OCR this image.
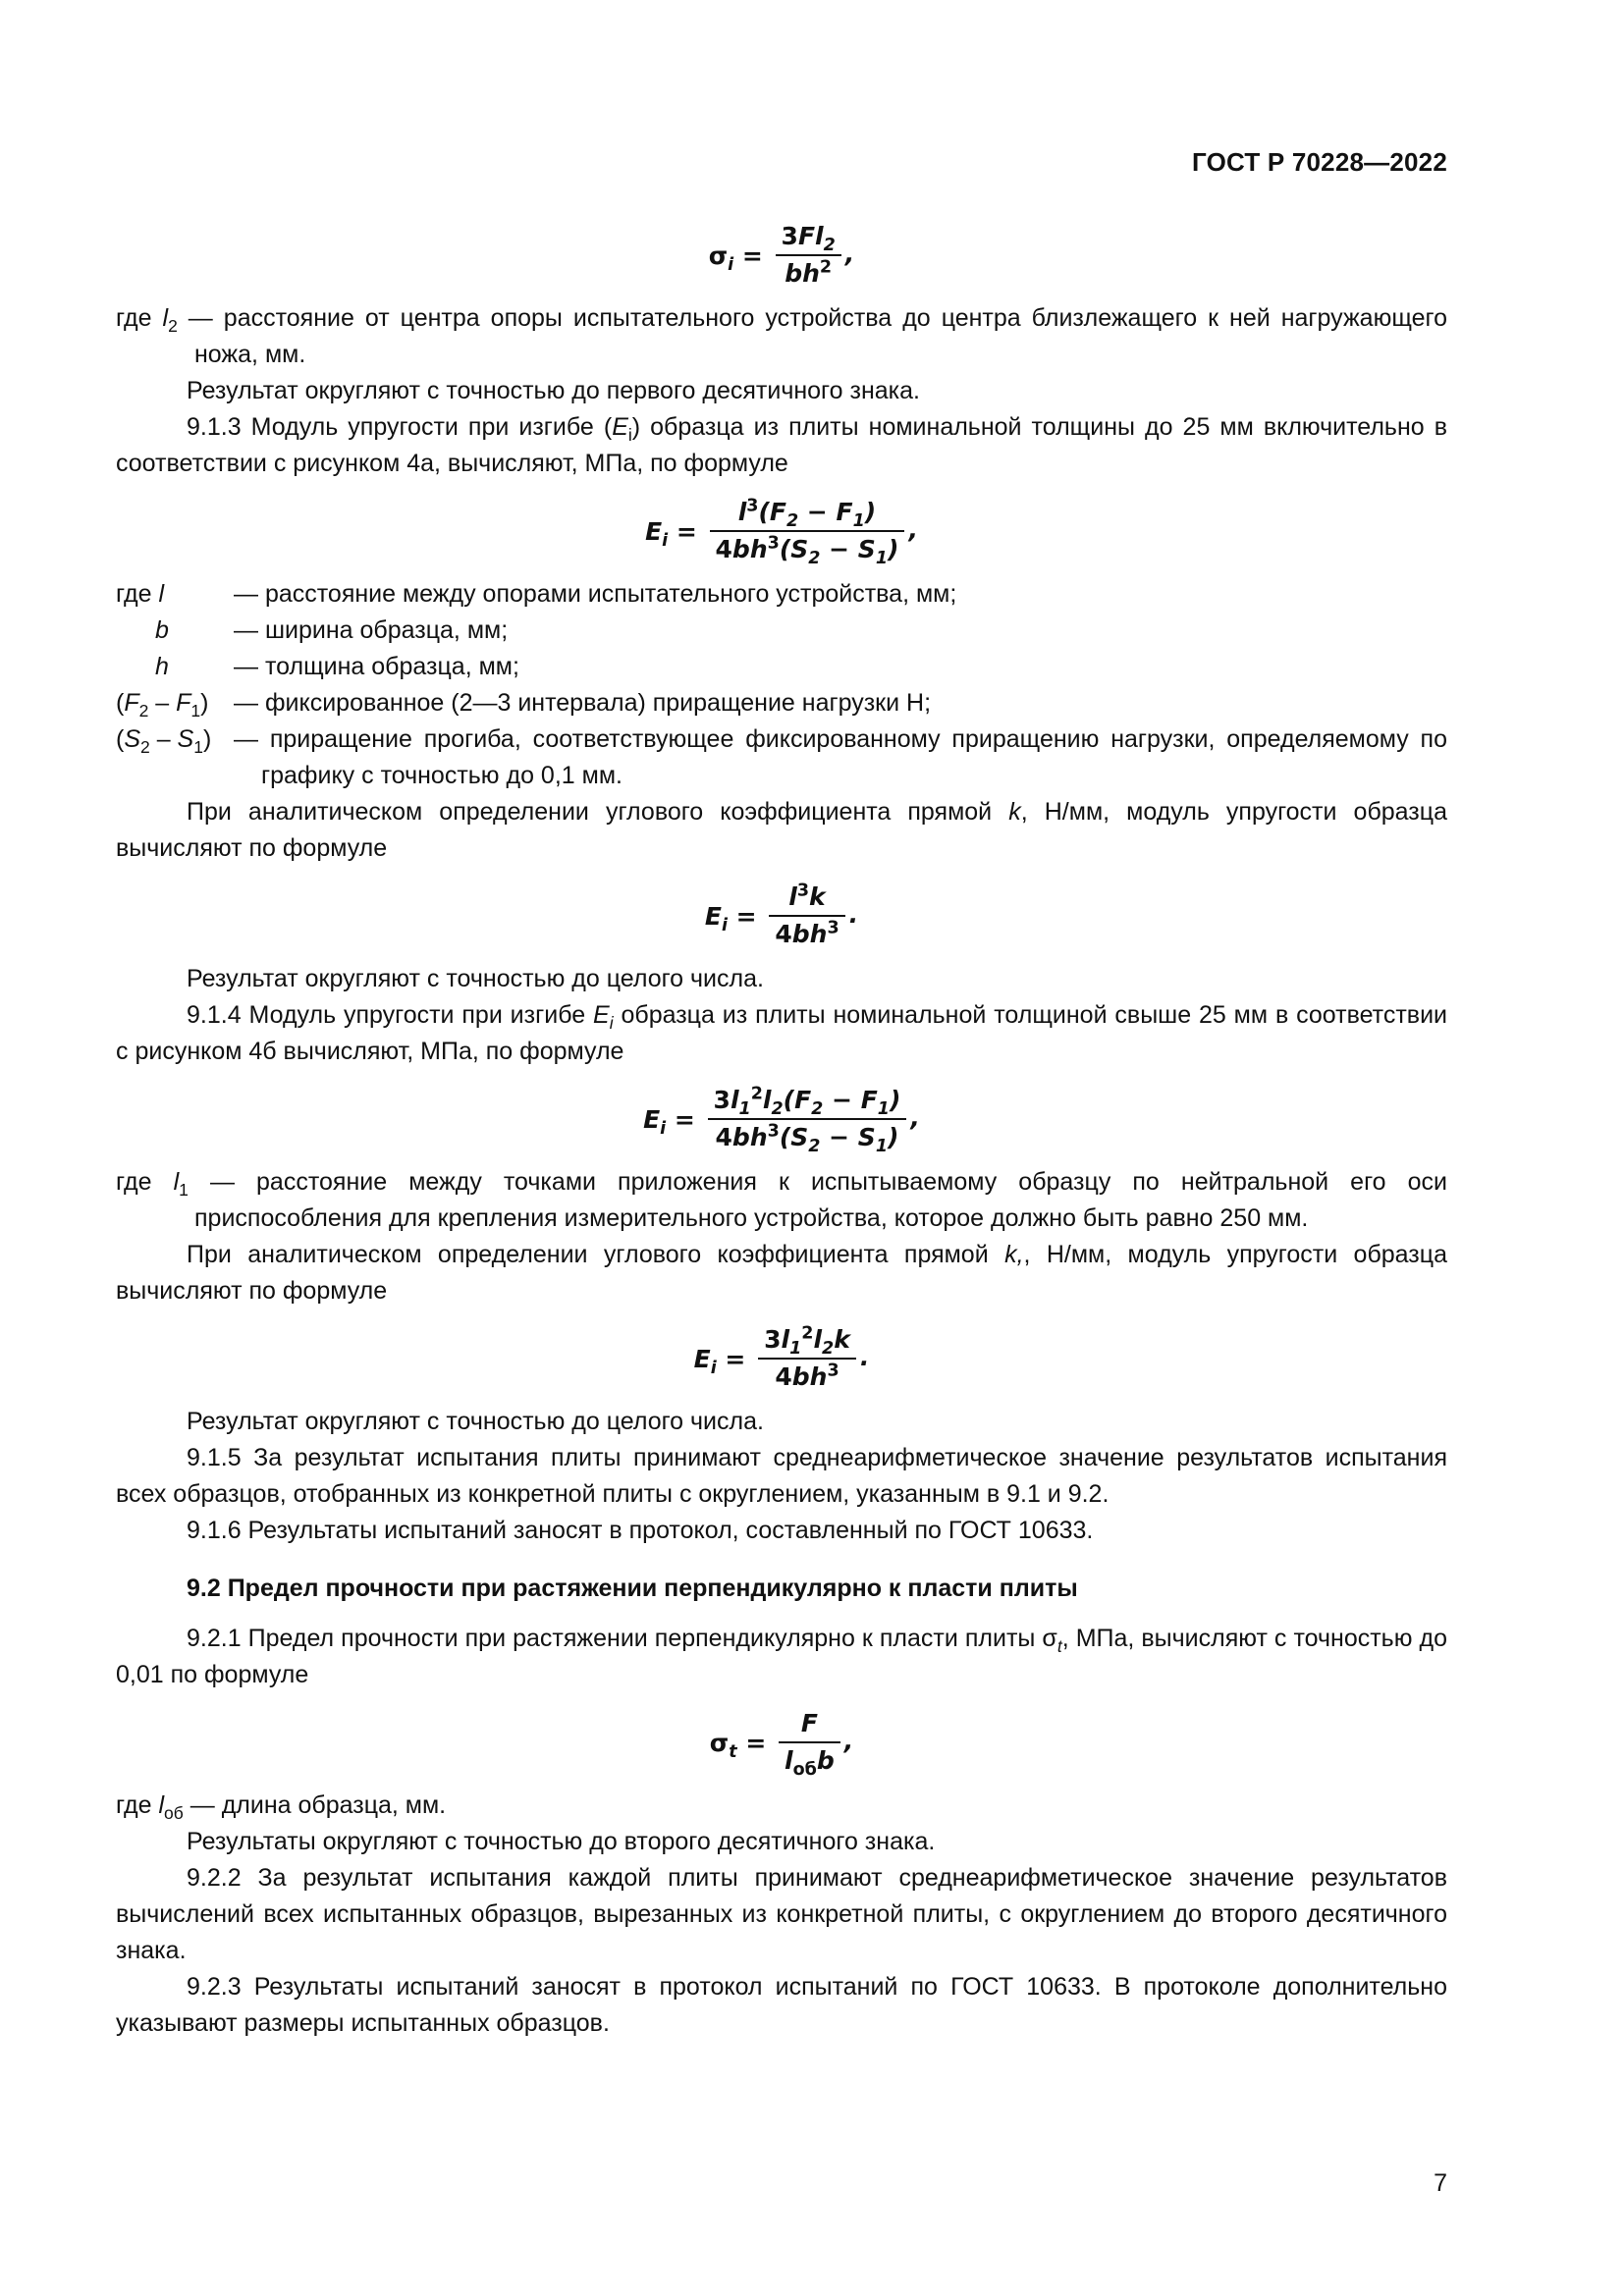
ГОСТ Р 70228—2022
$\sigma_i = \frac{3Fl_2}{bh^2}$ ,

где $l_2$ — расстояние от центра опоры испытательного устройства до центра близлежащего к ней нагружающего ножа, мм.

Результат округляют с точностью до первого десятичного знака.

9.1.3 Модуль упругости при изгибе $(E_i)$ образца из плиты номинальной толщины до 25 мм включительно в соответствии с рисунком 4а, вычисляют, МПа, по формуле

$E_i = \frac{l^3(F_2 - F_1)}{4bh^3(S_2 - S_1)}$ ,
где l	— расстояние между опорами испытательного устройства, мм;
b	— ширина образца, мм;
h	— толщина образца, мм;
$(F_2 - F_1)$	— фиксированное (2—3 интервала) приращение нагрузки Н;
$(S_2 - S_1)$ — приращение прогиба, соответствующее фиксированному приращению нагрузки, определяемому по графику с точностью до 0,1 мм.

При аналитическом определении углового коэффициента прямой k, Н/мм, модуль упругости образца вычисляют по формуле

$E_i = \frac{l^3k}{4bh^3}$ .

Результат округляют с точностью до целого числа.

9.1.4 Модуль упругости при изгибе $E_i$ образца из плиты номинальной толщиной свыше 25 мм в соответствии с рисунком 4б вычисляют, МПа, по формуле

$E_i = \frac{3l_1^2l_2(F_2 - F_1)}{4bh^3(S_2 - S_1)}$ ,

где $l_1$ — расстояние между точками приложения к испытываемому образцу по нейтральной его оси приспособления для крепления измерительного устройства, которое должно быть равно 250 мм.

При аналитическом определении углового коэффициента прямой k,, Н/мм, модуль упругости образца вычисляют по формуле

$E_i = \frac{3l_1^2l_2k}{4bh^3}$ .

Результат округляют с точностью до целого числа.

9.1.5 За результат испытания плиты принимают среднеарифметическое значение результатов испытания всех образцов, отобранных из конкретной плиты с округлением, указанным в 9.1 и 9.2.

9.1.6 Результаты испытаний заносят в протокол, составленный по ГОСТ 10633.

9.2 Предел прочности при растяжении перпендикулярно к пласти плиты

9.2.1 Предел прочности при растяжении перпендикулярно к пласти плиты $\sigma_t$, МПа, вычисляют с точностью до 0,01 по формуле

$\sigma_t = \frac{F}{l_{об}b}$ ,

где $l_{об}$ — длина образца, мм.

Результаты округляют с точностью до второго десятичного знака.

9.2.2 За результат испытания каждой плиты принимают среднеарифметическое значение результатов вычислений всех испытанных образцов, вырезанных из конкретной плиты, с округлением до второго десятичного знака.

9.2.3 Результаты испытаний заносят в протокол испытаний по ГОСТ 10633. В протоколе дополнительно указывают размеры испытанных образцов.

7
